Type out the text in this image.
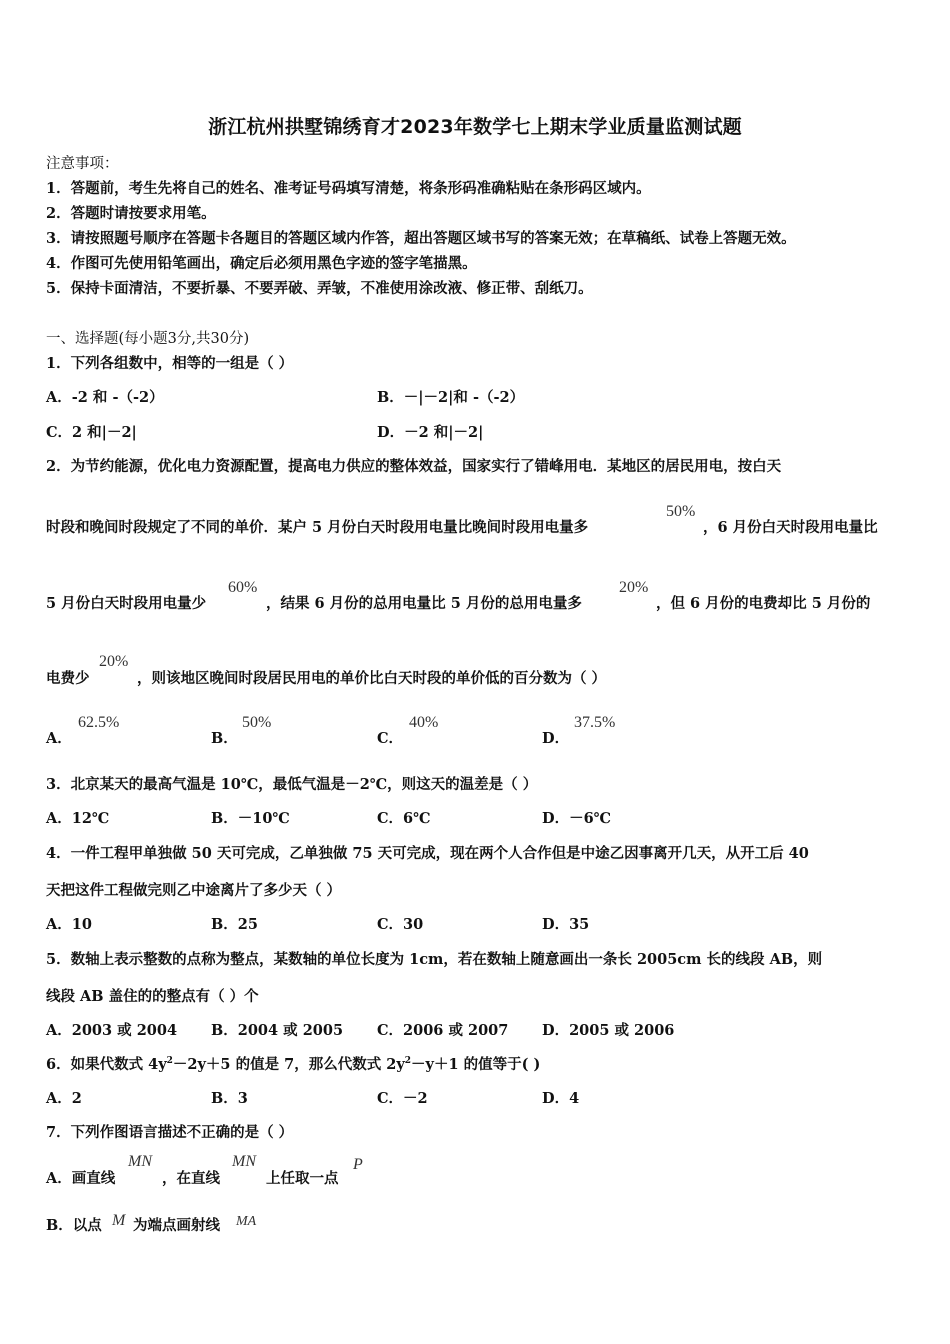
浙江杭州拱墅锦绣育才2023年数学七上期末学业质量监测试题
注意事项：
1．答题前，考生先将自己的姓名、准考证号码填写清楚，将条形码准确粘贴在条形码区域内。
2．答题时请按要求用笔。
3．请按照题号顺序在答题卡各题目的答题区域内作答，超出答题区域书写的答案无效；在草稿纸、试卷上答题无效。
4．作图可先使用铅笔画出，确定后必须用黑色字迹的签字笔描黑。
5．保持卡面清洁，不要折暴、不要弄破、弄皱，不准使用涂改液、修正带、刮纸刀。
一、选择题(每小题3分,共30分)
1．下列各组数中，相等的一组是（ ）
A．-2 和 -（-2）	B．－|－2|和 -（-2）
C．2 和|－2|	D．－2 和|－2|
2．为节约能源，优化电力资源配置，提高电力供应的整体效益，国家实行了错峰用电．某地区的居民用电，按白天
时段和晚间时段规定了不同的单价．某户 5 月份白天时段用电量比晚间时段用电量多
50%
，6 月份白天时段用电量比
5 月份白天时段用电量少
60%
，结果 6 月份的总用电量比 5 月份的总用电量多
20%
，但 6 月份的电费却比 5 月份的
电费少
20%
，则该地区晚间时段居民用电的单价比白天时段的单价低的百分数为（ ）
A．
62.5%
B．
50%
C．
40%
D．
37.5%
3．北京某天的最高气温是 10℃，最低气温是－2℃，则这天的温差是（ ）
A．12℃	B．－10℃	C．6℃	D．－6℃
4．一件工程甲单独做 50 天可完成，乙单独做 75 天可完成，现在两个人合作但是中途乙因事离开几天，从开工后 40
天把这件工程做完则乙中途离片了多少天（ ）
A．10	B．25	C．30	D．35
5．数轴上表示整数的点称为整点，某数轴的单位长度为 1cm，若在数轴上随意画出一条长 2005cm 长的线段 AB，则
线段 AB 盖住的的整点有（ ）个
A．2003 或 2004 B．2004 或 2005 C．2006 或 2007 D．2005 或 2006
6．如果代数式 $4y^2-2y+5$ 的值是 7，那么代数式 $2y^2-y+1$ 的值等于( )
A．2	B．3	C．－2	D．4
7．下列作图语言描述不正确的是（ ）
A．画直线
MN
，在直线
MN
上任取一点
P
B．以点 M 为端点画射线 MA
